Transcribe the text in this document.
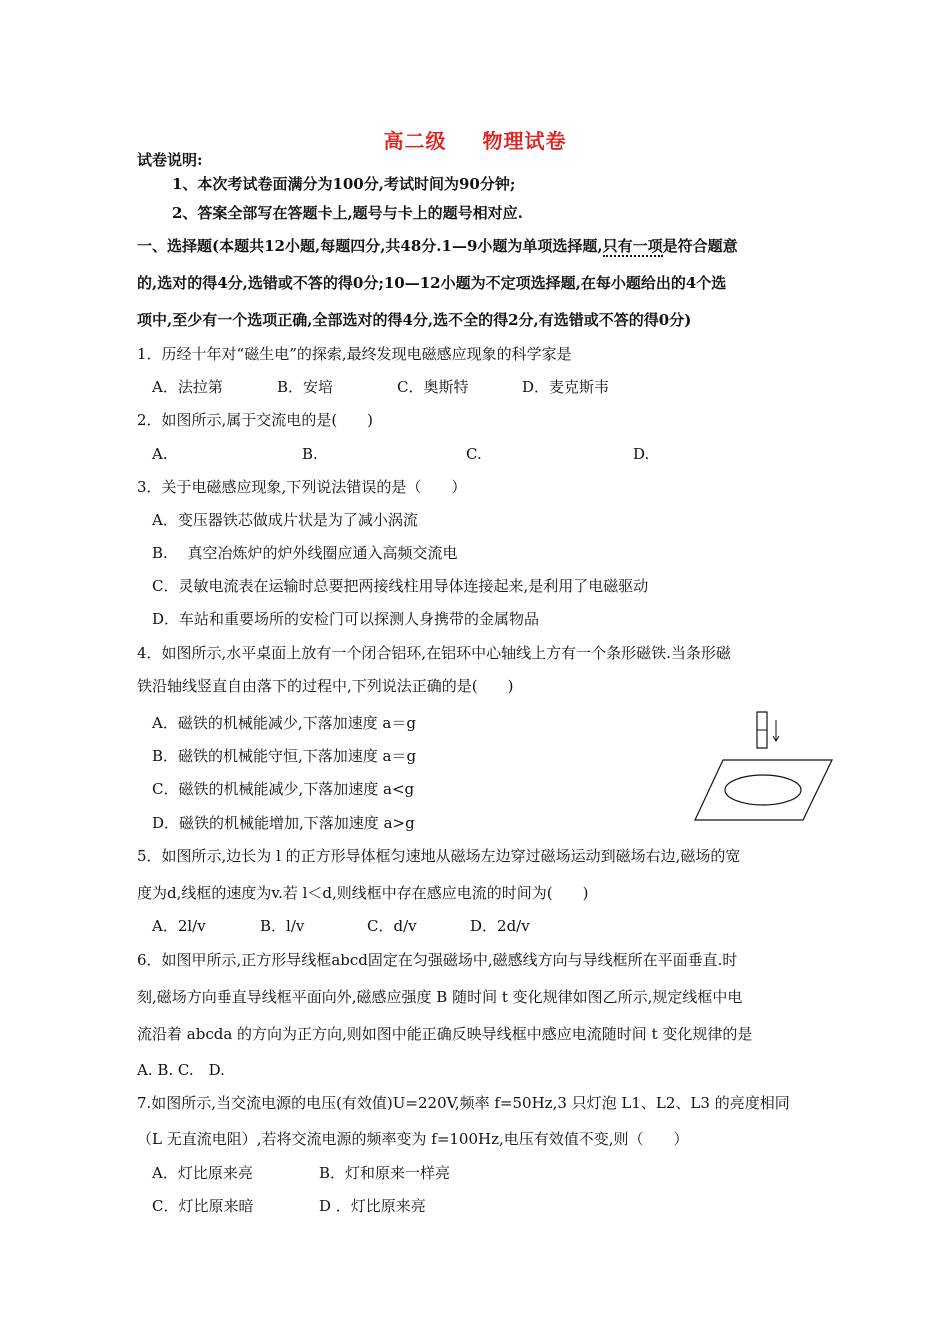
高二级 物理试卷
试卷说明:
1、本次考试卷面满分为100分,考试时间为90分钟;
2、答案全部写在答题卡上,题号与卡上的题号相对应.
一、选择题(本题共12小题,每题四分,共48分.1—9小题为单项选择题,只有一项是符合题意
的,选对的得4分,选错或不答的得0分;10—12小题为不定项选择题,在每小题给出的4个选
项中,至少有一个选项正确,全部选对的得4分,选不全的得2分,有选错或不答的得0分)
1．历经十年对“磁生电”的探索,最终发现电磁感应现象的科学家是
A．法拉第	B．安培	C．奥斯特	D．麦克斯韦
2．如图所示,属于交流电的是(　　)
A.	B.	C.	D.
3．关于电磁感应现象,下列说法错误的是（　　）
A．变压器铁芯做成片状是为了减小涡流
B.　 真空冶炼炉的炉外线圈应通入高频交流电
C．灵敏电流表在运输时总要把两接线柱用导体连接起来,是利用了电磁驱动
D．车站和重要场所的安检门可以探测人身携带的金属物品
4．如图所示,水平桌面上放有一个闭合铝环,在铝环中心轴线上方有一个条形磁铁.当条形磁
铁沿轴线竖直自由落下的过程中,下列说法正确的是(　　)
A．磁铁的机械能减少,下落加速度 a＝g
B．磁铁的机械能守恒,下落加速度 a＝g
C．磁铁的机械能减少,下落加速度 a<g
D．磁铁的机械能增加,下落加速度 a>g
5．如图所示,边长为 l 的正方形导体框匀速地从磁场左边穿过磁场运动到磁场右边,磁场的宽
度为d,线框的速度为v.若 l＜d,则线框中存在感应电流的时间为(　　)
A．2l/v	B．l/v	C．d/v	D．2d/v
6．如图甲所示,正方形导线框abcd固定在匀强磁场中,磁感线方向与导线框所在平面垂直.时
刻,磁场方向垂直导线框平面向外,磁感应强度 B 随时间 t 变化规律如图乙所示,规定线框中电
流沿着 abcda 的方向为正方向,则如图中能正确反映导线框中感应电流随时间 t 变化规律的是
A. B. C.　D.
7.如图所示,当交流电源的电压(有效值)U=220V,频率 f=50Hz,3 只灯泡 L1、L2、L3 的亮度相同
（L 无直流电阻）,若将交流电源的频率变为 f=100Hz,电压有效值不变,则（　　）
A．灯比原来亮	B．灯和原来一样亮
C．灯比原来暗	D ．灯比原来亮
